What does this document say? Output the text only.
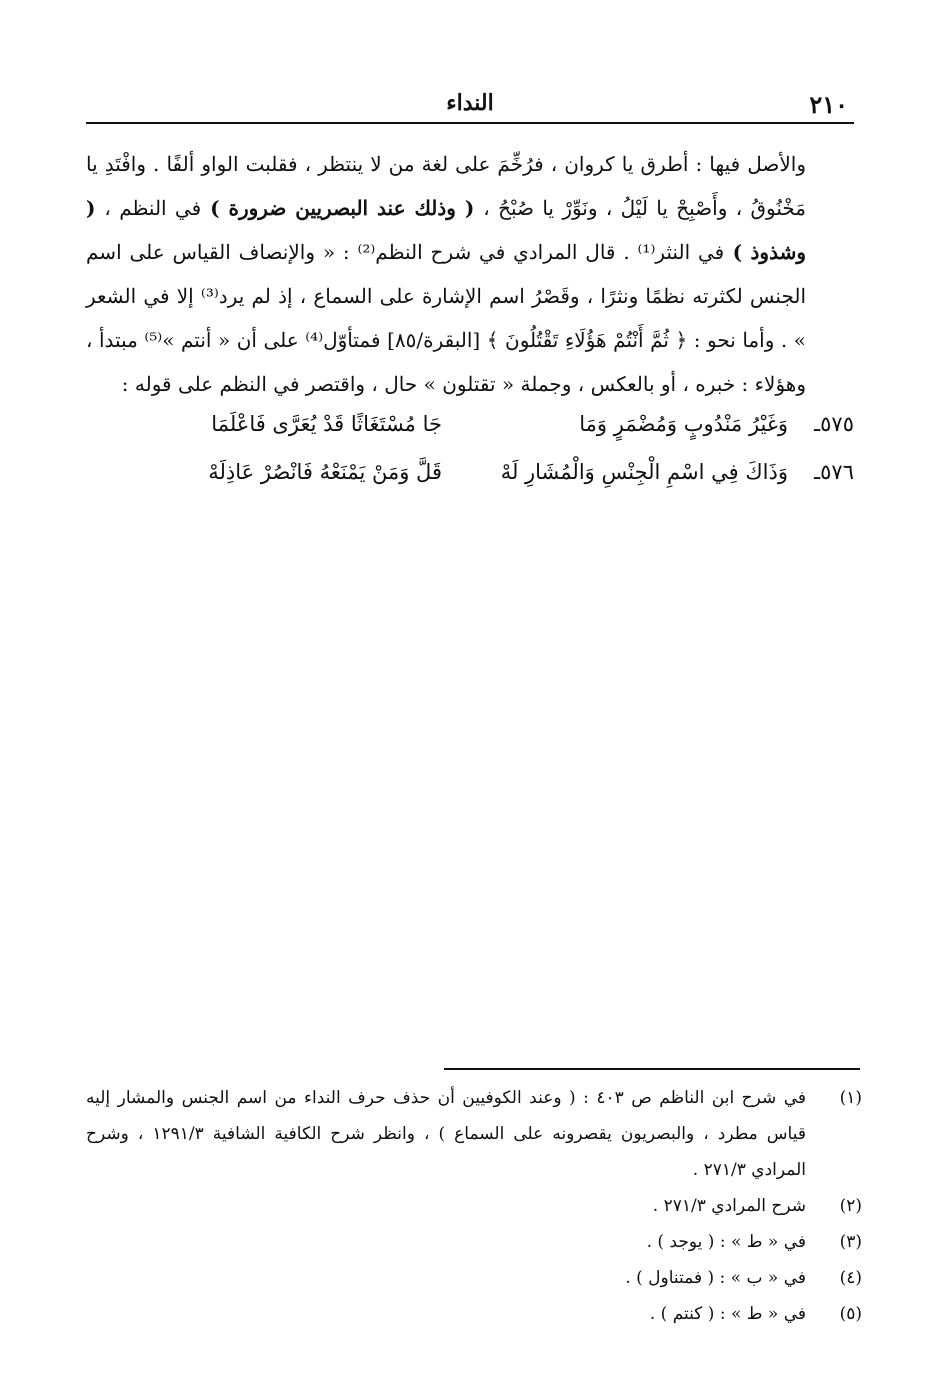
٢١٠
النداء

والأصل فيها : أطرق يا كروان ، فرُخِّمَ على لغة من لا ينتظر ، فقلبت الواو ألفًا . وافْتَدِ يا مَخْنُوقُ ، وأَصْبِحْ يا لَيْلُ ، ونَوِّرْ يا صُبْحُ ، ( وذلك عند البصريين ضرورة ) في النظم ، ( وشذوذ ) في النثر⁽¹⁾ . قال المرادي في شرح النظم⁽²⁾ : « والإنصاف القياس على اسم الجنس لكثرته نظمًا ونثرًا ، وقَصْرُ اسم الإشارة على السماع ، إذ لم يرد⁽³⁾ إلا في الشعر » . وأما نحو : ﴿ ثُمَّ أَنْتُمْ هَؤُلَاءِ تَقْتُلُونَ ﴾ [البقرة/٨٥] فمتأوّل⁽⁴⁾ على أن « أنتم »⁽⁵⁾ مبتدأ ، وهؤلاء : خبره ، أو بالعكس ، وجملة « تقتلون » حال ، واقتصر في النظم على قوله :

٥٧٥ـ
وَغَيْرُ مَنْدُوبٍ وَمُضْمَرٍ وَمَا
جَا مُسْتَغَاثًا قَدْ يُعَرَّى فَاعْلَمَا
٥٧٦ـ
وَذَاكَ فِي اسْمِ الْجِنْسِ وَالْمُشَارِ لَهْ
قَلَّ وَمَنْ يَمْنَعْهُ فَانْصُرْ عَاذِلَهْ

(١)
في شرح ابن الناظم ص ٤٠٣ : ( وعند الكوفيين أن حذف حرف النداء من اسم الجنس والمشار إليه قياس مطرد ، والبصريون يقصرونه على السماع ) ، وانظر شرح الكافية الشافية ١٢٩١/٣ ، وشرح المرادي ٢٧١/٣ .

(٢)
شرح المرادي ٢٧١/٣ .

(٣)
في « ط » : ( يوجد ) .

(٤)
في « ب » : ( فمتناول ) .

(٥)
في « ط » : ( كنتم ) .
